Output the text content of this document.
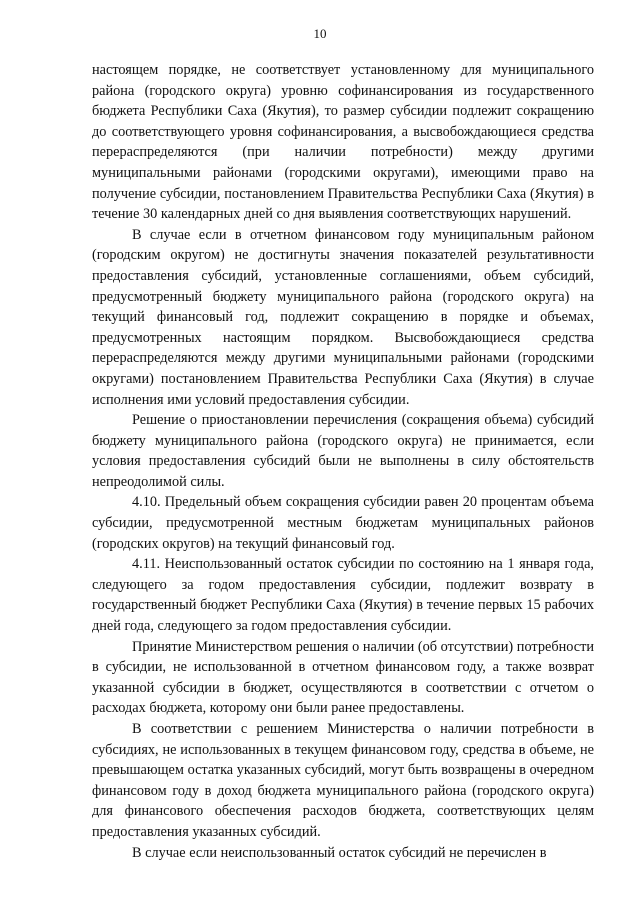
10

настоящем порядке, не соответствует установленному для муниципального района (городского округа) уровню софинансирования из государственного бюджета Республики Саха (Якутия), то размер субсидии подлежит сокращению до соответствующего уровня софинансирования, а высвобождающиеся средства перераспределяются (при наличии потребности) между другими муниципальными районами (городскими округами), имеющими право на получение субсидии, постановлением Правительства Республики Саха (Якутия) в течение 30 календарных дней со дня выявления соответствующих нарушений.

В случае если в отчетном финансовом году муниципальным районом (городским округом) не достигнуты значения показателей результативности предоставления субсидий, установленные соглашениями, объем субсидий, предусмотренный бюджету муниципального района (городского округа) на текущий финансовый год, подлежит сокращению в порядке и объемах, предусмотренных настоящим порядком. Высвобождающиеся средства перераспределяются между другими муниципальными районами (городскими округами) постановлением Правительства Республики Саха (Якутия) в случае исполнения ими условий предоставления субсидии.

Решение о приостановлении перечисления (сокращения объема) субсидий бюджету муниципального района (городского округа) не принимается, если условия предоставления субсидий были не выполнены в силу обстоятельств непреодолимой силы.

4.10. Предельный объем сокращения субсидии равен 20 процентам объема субсидии, предусмотренной местным бюджетам муниципальных районов (городских округов) на текущий финансовый год.

4.11. Неиспользованный остаток субсидии по состоянию на 1 января года, следующего за годом предоставления субсидии, подлежит возврату в государственный бюджет Республики Саха (Якутия) в течение первых 15 рабочих дней года, следующего за годом предоставления субсидии.

Принятие Министерством решения о наличии (об отсутствии) потребности в субсидии, не использованной в отчетном финансовом году, а также возврат указанной субсидии в бюджет, осуществляются в соответствии с отчетом о расходах бюджета, которому они были ранее предоставлены.

В соответствии с решением Министерства о наличии потребности в субсидиях, не использованных в текущем финансовом году, средства в объеме, не превышающем остатка указанных субсидий, могут быть возвращены в очередном финансовом году в доход бюджета муниципального района (городского округа) для финансового обеспечения расходов бюджета, соответствующих целям предоставления указанных субсидий.

В случае если неиспользованный остаток субсидий не перечислен в
